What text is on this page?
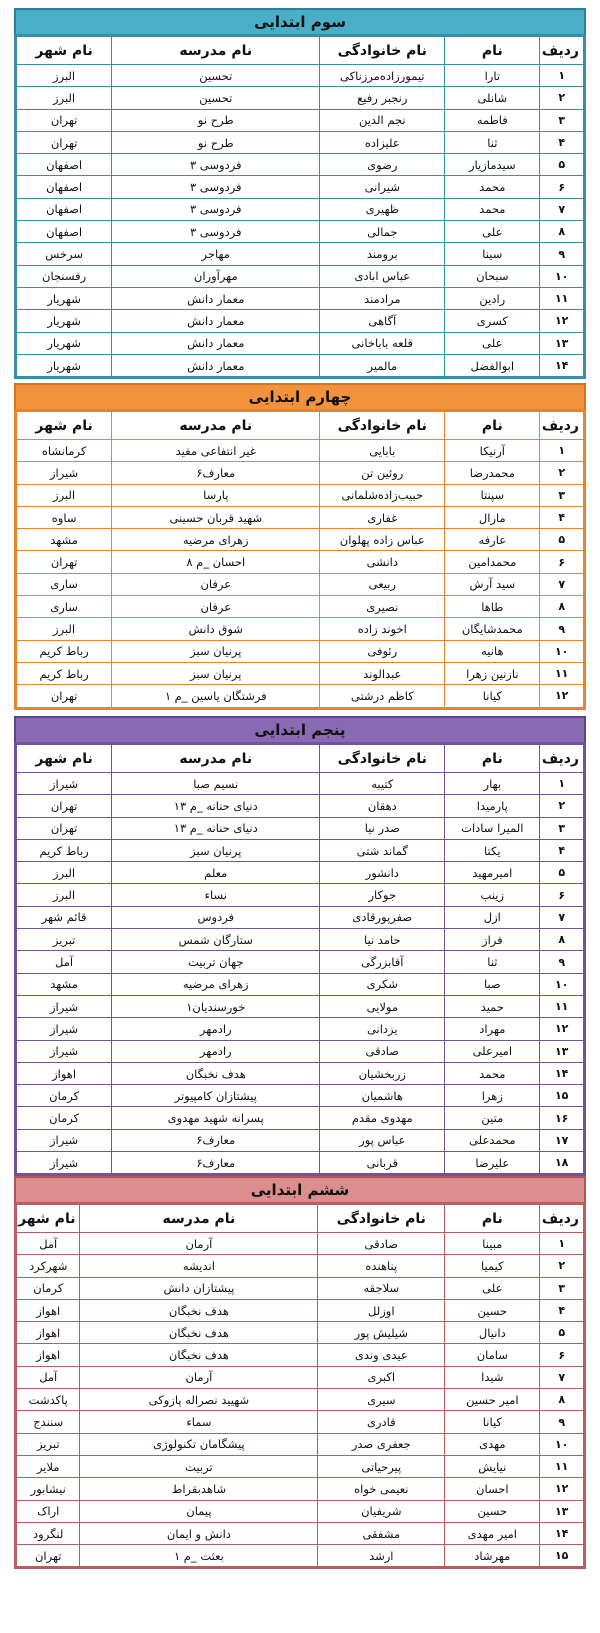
سوم ابتدایی
ردیف	نام	نام خانوادگی	نام مدرسه	نام شهر
۱	تارا	تیمورزاده‌مرزناکی	تحسین	البرز
۲	شانلی	رنجبر رفیع	تحسین	البرز
۳	فاطمه	نجم الدین	طرح نو	تهران
۴	ثنا	علیزاده	طرح نو	تهران
۵	سیدمازیار	رضوی	فردوسی ۳	اصفهان
۶	محمد	شیرانی	فردوسی ۳	اصفهان
۷	محمد	ظهیری	فردوسی ۳	اصفهان
۸	علی	جمالی	فردوسی ۳	اصفهان
۹	سینا	برومند	مهاجر	سرخس
۱۰	سبحان	عباس ابادی	مهرآوران	رفسنجان
۱۱	رادین	مرادمند	معمار دانش	شهریار
۱۲	کسری	آگاهی	معمار دانش	شهریار
۱۳	علی	قلعه باباخانی	معمار دانش	شهریار
۱۴	ابوالفضل	مالمیر	معمار دانش	شهریار
چهارم ابتدایی
ردیف	نام	نام خانوادگی	نام مدرسه	نام شهر
۱	آرنیکا	بابایی	غیر انتفاعی مفید	کرمانشاه
۲	محمدرضا	روئین تن	معارف۶	شیراز
۳	سپنتا	حبیب‌زاده‌شلمانی	پارسا	البرز
۴	مارال	غفاری	شهید قربان حسینی	ساوه
۵	عارفه	عباس زاده پهلوان	زهرای مرضیه	مشهد
۶	محمدامین	دانشی	احسان _م ۸	تهران
۷	سید آرش	ربیعی	عرفان	ساری
۸	طاها	نصیری	عرفان	ساری
۹	محمدشایگان	اخوند زاده	شوق دانش	البرز
۱۰	هانیه	رئوفی	پرنیان سبز	رباط کریم
۱۱	نازنین زهرا	عبدالوند	پرنیان سبز	رباط کریم
۱۲	کیانا	کاظم درشتی	فرشتگان یاسین _م ۱	تهران
پنجم ابتدایی
ردیف	نام	نام خانوادگی	نام مدرسه	نام شهر
۱	بهار	کتیبه	نسیم صبا	شیراز
۲	پارمیدا	دهقان	دنیای حنانه _م ۱۳	تهران
۳	المیرا سادات	صدر نیا	دنیای حنانه _م ۱۳	تهران
۴	یکتا	گماند شتی	پرنیان سبز	رباط کریم
۵	امیرمهید	دانشور	معلم	البرز
۶	زینب	جوکار	نساء	البرز
۷	ازل	صفرپورقادی	فردوس	قائم شهر
۸	فراز	حامد نیا	ستارگان شمس	تبریز
۹	ثنا	آقابزرگی	جهان تربیت	آمل
۱۰	صبا	شکری	زهرای مرضیه	مشهد
۱۱	حمید	مولایی	خورسندیان۱	شیراز
۱۲	مهراد	یزدانی	رادمهر	شیراز
۱۳	امیرعلی	صادقی	رادمهر	شیراز
۱۴	محمد	زربخشیان	هدف نخبگان	اهواز
۱۵	زهرا	هاشمیان	پیشتازان کامپیوتر	کرمان
۱۶	متین	مهدوی مقدم	پسرانه شهید مهدوی	کرمان
۱۷	محمدعلی	عباس پور	معارف۶	شیراز
۱۸	علیرضا	قربانی	معارف۶	شیراز
ششم ابتدایی
ردیف	نام	نام خانوادگی	نام مدرسه	نام شهر
۱	مبینا	صادقی	آرمان	آمل
۲	کیمیا	پناهنده	اندیشه	شهرکرد
۳	علی	سلاجقه	پیشتازان دانش	کرمان
۴	حسین	اوزلل	هدف نخبگان	اهواز
۵	دانیال	شیلیش پور	هدف نخبگان	اهواز
۶	سامان	عیدی وندی	هدف نخبگان	اهواز
۷	شیدا	اکبری	آرمان	آمل
۸	امیر حسین	سیری	شهیید نصراله پازوکی	پاکدشت
۹	کیانا	قادری	سماء	سنندج
۱۰	مهدی	جعفری صدر	پیشگامان تکنولوژی	تبریز
۱۱	نیایش	پیرحیاتی	تربیت	ملایر
۱۲	احسان	نعیمی خواه	شاهدبقراط	نیشابور
۱۳	حسین	شریفیان	پیمان	اراک
۱۴	امیر مهدی	مشفقی	دانش و ایمان	لنگرود
۱۵	مهرشاد	ارشد	بعثت _م ۱	تهران
